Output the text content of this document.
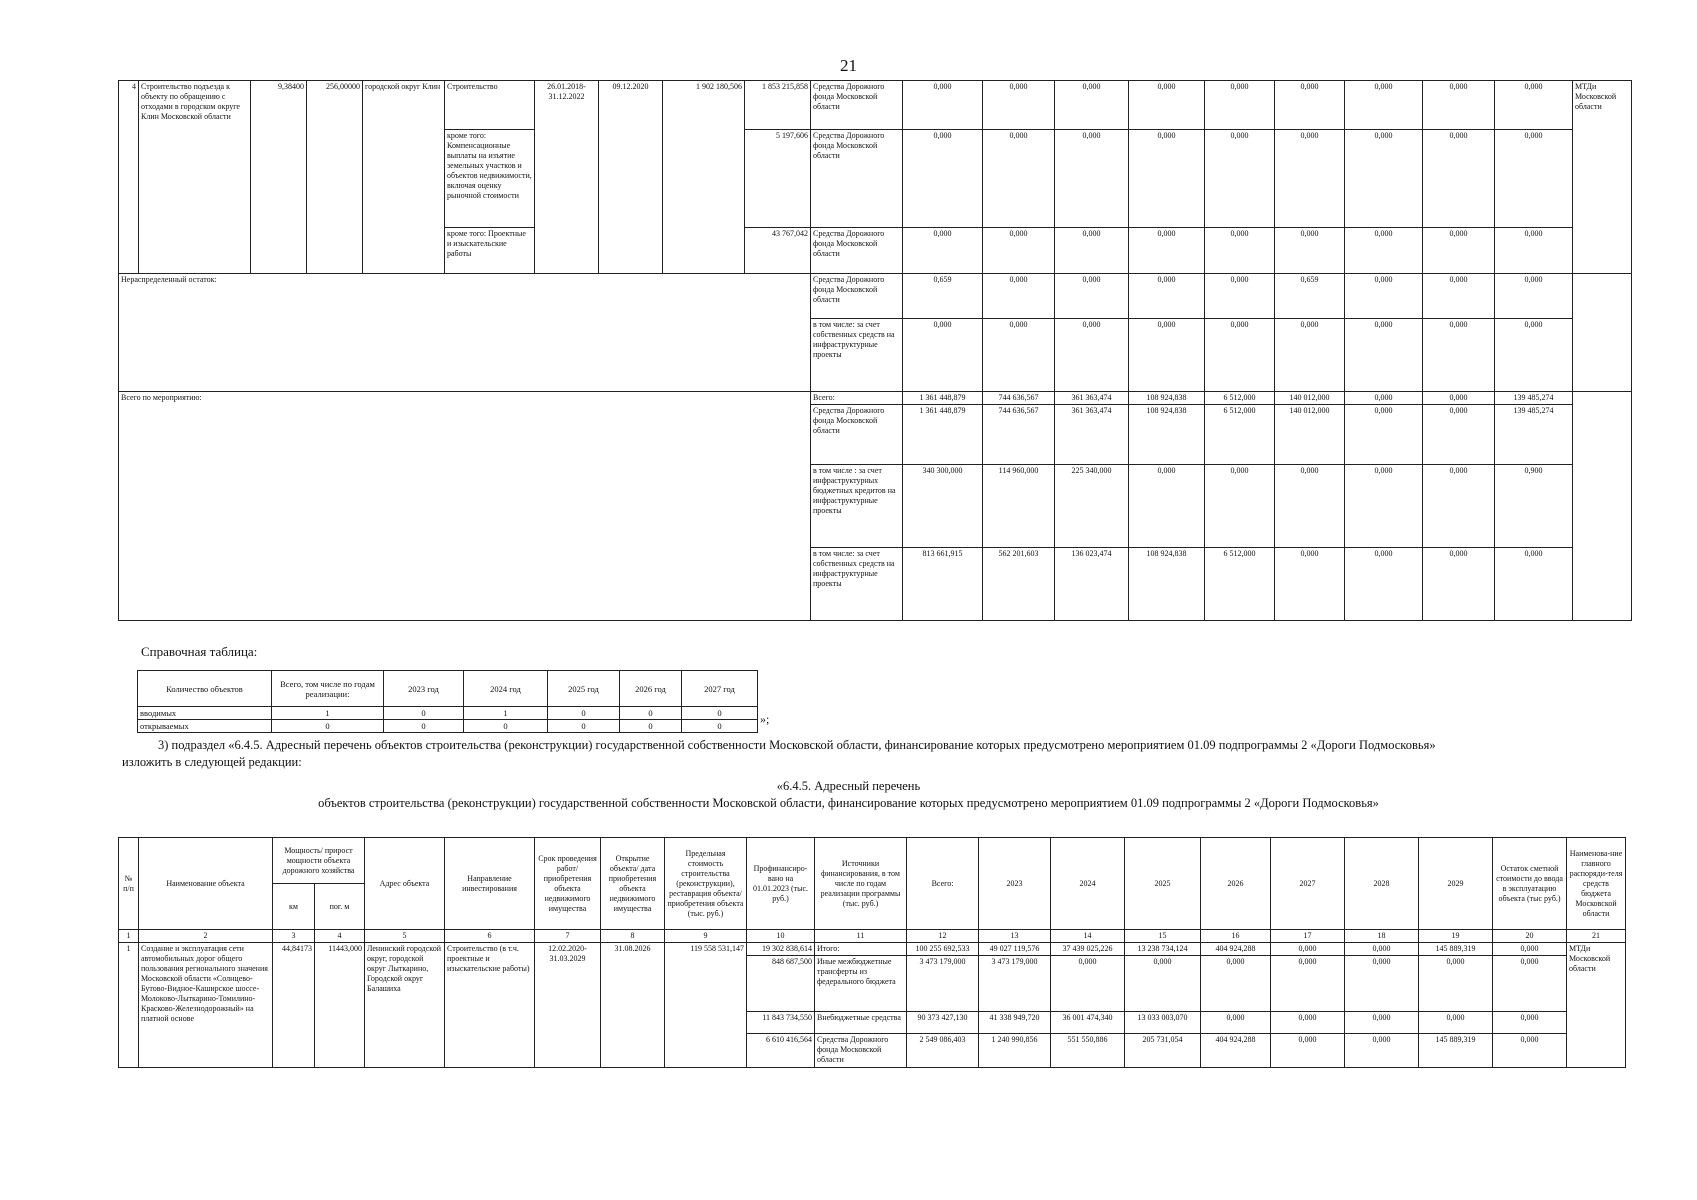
21
4	Строительство подъезда к объекту по обращению с отходами в городском округе Клин Московской области	9,38400	256,00000	городской округ Клин	Строительство	26.01.2018-31.12.2022	09.12.2020	1 902 180,506	1 853 215,858	Средства Дорожного фонда Московской области	0,000	0,000	0,000	0,000	0,000	0,000	0,000	0,000	0,000	МТДи Московской области
					кроме того: Компенсационные выплаты на изъятие земельных участков и объектов недвижимости, включая оценку рыночной стоимости				5 197,606	Средства Дорожного фонда Московской области	0,000	0,000	0,000	0,000	0,000	0,000	0,000	0,000	0,000	
					кроме того: Проектные и изыскательские работы				43 767,042	Средства Дорожного фонда Московской области	0,000	0,000	0,000	0,000	0,000	0,000	0,000	0,000	0,000	
Нераспределенный остаток:										Средства Дорожного фонда Московской области	0,659	0,000	0,000	0,000	0,000	0,659	0,000	0,000	0,000	
										в том числе: за счет собственных средств на инфраструктурные проекты	0,000	0,000	0,000	0,000	0,000	0,000	0,000	0,000	0,000	
Всего по мероприятию:										Всего:	1 361 448,879	744 636,567	361 363,474	108 924,838	6 512,000	140 012,000	0,000	0,000	139 485,274	
										Средства Дорожного фонда Московской области	1 361 448,879	744 636,567	361 363,474	108 924,838	6 512,000	140 012,000	0,000	0,000	139 485,274	
										в том числе : за счет инфраструктурных бюджетных кредитов на инфраструктурные проекты	340 300,000	114 960,000	225 340,000	0,000	0,000	0,000	0,000	0,000	0,900	
										в том числе: за счет собственных средств на инфраструктурные проекты	813 661,915	562 201,603	136 023,474	108 924,838	6 512,000	0,000	0,000	0,000	0,000	
Справочная таблица:
Количество объектов	Всего, том числе по годам реализации:	2023 год	2024 год	2025 год	2026 год	2027 год
вводимых	1	0	1	0	0	0
открываемых	0	0	0	0	0	0	»;
3) подраздел «6.4.5. Адресный перечень объектов строительства (реконструкции) государственной собственности Московской области, финансирование которых предусмотрено мероприятием 01.09 подпрограммы 2 «Дороги Подмосковья»
изложить в следующей редакции:
«6.4.5. Адресный перечень
объектов строительства (реконструкции) государственной собственности Московской области, финансирование которых предусмотрено мероприятием 01.09 подпрограммы 2 «Дороги Подмосковья»
№ п/п	Наименование объекта	Мощность/ прирост мощности объекта дорожного хозяйства		Адрес объекта	Направление инвестирования	Срок проведения работ/ приобретения объекта недвижимого имущества	Открытие объекта/ дата приобретения объекта недвижимого имущества	Предельная стоимость строительства (реконструкции), реставрация объекта/ приобретения объекта (тыс. руб.)	Профинансиро-вано на 01.01.2023 (тыс. руб.)	Источники финансирования, в том числе по годам реализации программы (тыс. руб.)	Всего:	2023	2024	2025	2026	2027	2028	2029	Остаток сметной стоимости до ввода в эксплуатацию объекта (тыс руб.)	Наименова-ние главного распоряди-теля средств бюджета Московской области
		км	пог. м																	
1	2	3	4	5	6	7	8	9	10	11	12	13	14	15	16	17	18	19	20	21
1	Создание и эксплуатация сети автомобильных дорог общего пользования регионального значения Московской области «Солнцево-Бутово-Видное-Каширское шоссе-Молоково-Лыткарино-Томилино- Красково-Железнодорожный» на платной основе	44,84173	11443,000	Ленинский городской округ, городской округ Лыткарино, Городской округ Балашиха	Строительство (в т.ч. проектные и изыскательские работы)	12.02.2020-31.03.2029	31.08.2026	119 558 531,147	19 302 838,614	Итого:	100 255 692,533	49 027 119,576	37 439 025,226	13 238 734,124	404 924,288	0,000	0,000	145 889,319	0,000	МТДи Московской области
									848 687,500	Иные межбюджетные трансферты из федерального бюджета	3 473 179,000	3 473 179,000	0,000	0,000	0,000	0,000	0,000	0,000	0,000	
									11 843 734,550	Внебюджетные средства	90 373 427,130	41 338 949,720	36 001 474,340	13 033 003,070	0,000	0,000	0,000	0,000	0,000	
									6 610 416,564	Средства Дорожного фонда Московской области	2 549 086,403	1 240 990,856	551 550,886	205 731,054	404 924,288	0,000	0,000	145 889,319	0,000	
